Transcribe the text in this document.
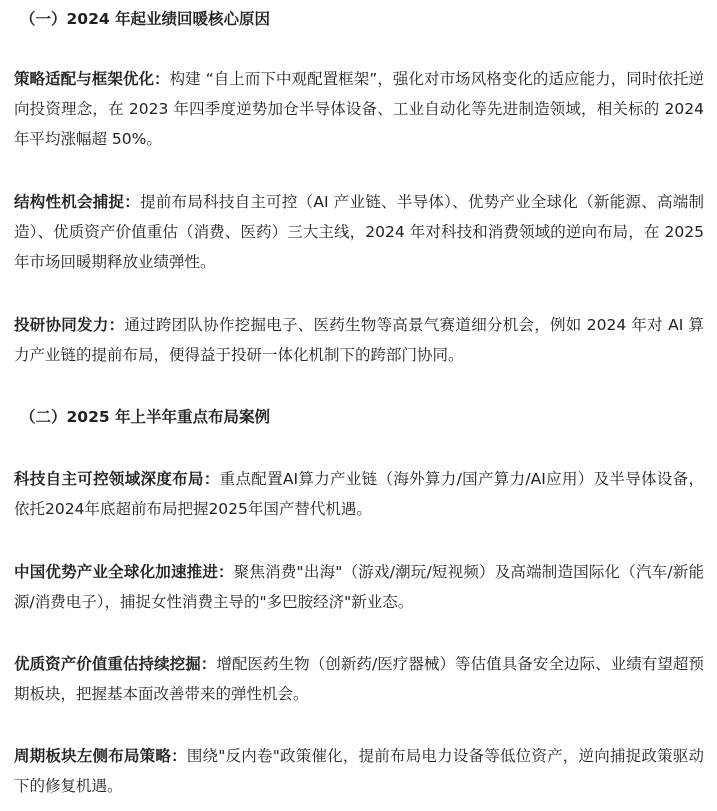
（一）2024 年起业绩回暖核心原因

策略适配与框架优化：构建 “自上而下中观配置框架”，强化对市场风格变化的适应能力，同时依托逆向投资理念，在 2023 年四季度逆势加仓半导体设备、工业自动化等先进制造领域，相关标的 2024 年平均涨幅超 50%。

结构性机会捕捉：提前布局科技自主可控（AI 产业链、半导体）、优势产业全球化（新能源、高端制造）、优质资产价值重估（消费、医药）三大主线，2024 年对科技和消费领域的逆向布局，在 2025 年市场回暖期释放业绩弹性。

投研协同发力：通过跨团队协作挖掘电子、医药生物等高景气赛道细分机会，例如 2024 年对 AI 算力产业链的提前布局，便得益于投研一体化机制下的跨部门协同。

（二）2025 年上半年重点布局案例

科技自主可控领域深度布局：重点配置AI算力产业链（海外算力/国产算力/AI应用）及半导体设备，依托2024年底超前布局把握2025年国产替代机遇。

中国优势产业全球化加速推进：聚焦消费"出海"（游戏/潮玩/短视频）及高端制造国际化（汽车/新能源/消费电子），捕捉女性消费主导的"多巴胺经济"新业态。

优质资产价值重估持续挖掘：增配医药生物（创新药/医疗器械）等估值具备安全边际、业绩有望超预期板块，把握基本面改善带来的弹性机会。

周期板块左侧布局策略：围绕"反内卷"政策催化，提前布局电力设备等低位资产，逆向捕捉政策驱动下的修复机遇。
